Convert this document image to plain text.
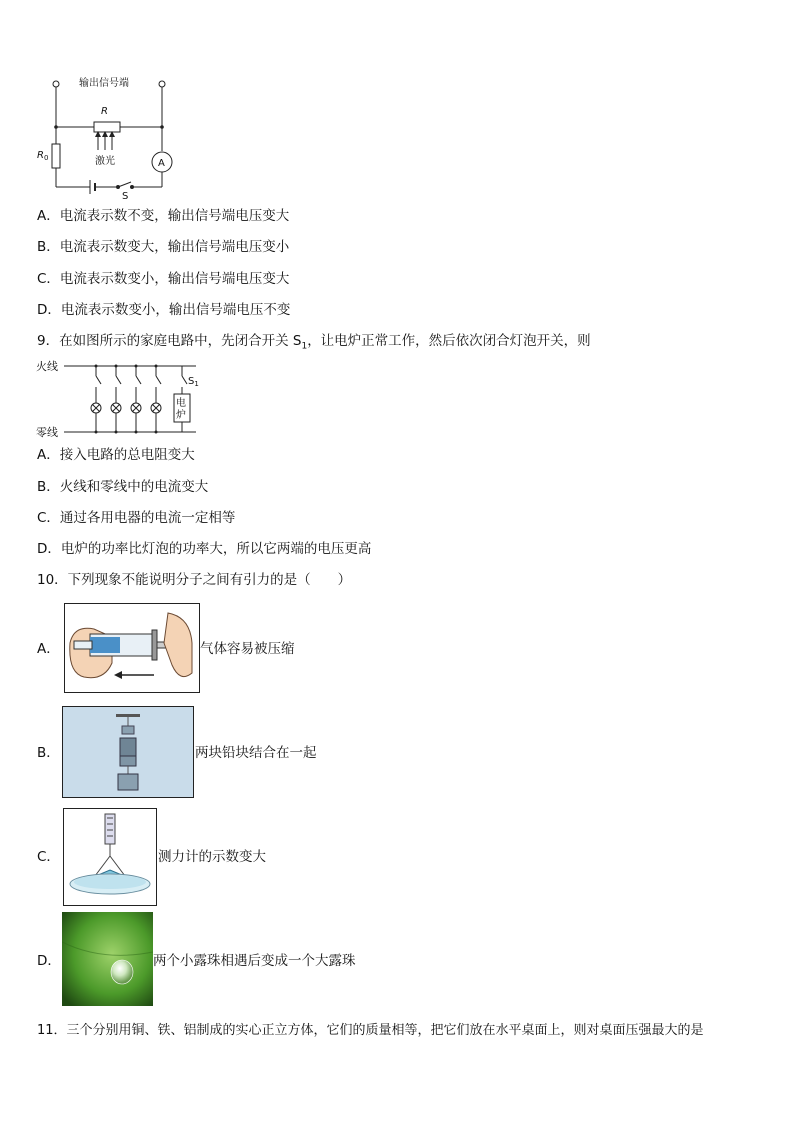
输出信号端
R
$R_0$	激光	A
S
A．电流表示数不变，输出信号端电压变大
B．电流表示数变大，输出信号端电压变小
C．电流表示数变小，输出信号端电压变大
D．电流表示数变小，输出信号端电压不变
9．在如图所示的家庭电路中，先闭合开关 $S_1$，让电炉正常工作，然后依次闭合灯泡开关，则
火线
零线
$S_1$
电
炉
A．接入电路的总电阻变大
B．火线和零线中的电流变大
C．通过各用电器的电流一定相等
D．电炉的功率比灯泡的功率大，所以它两端的电压更高
10．下列现象不能说明分子之间有引力的是（　　）
A．	气体容易被压缩
B．	两块铅块结合在一起
C．	测力计的示数变大
D．	两个小露珠相遇后变成一个大露珠
11．三个分别用铜、铁、铝制成的实心正立方体，它们的质量相等，把它们放在水平桌面上，则对桌面压强最大的是
